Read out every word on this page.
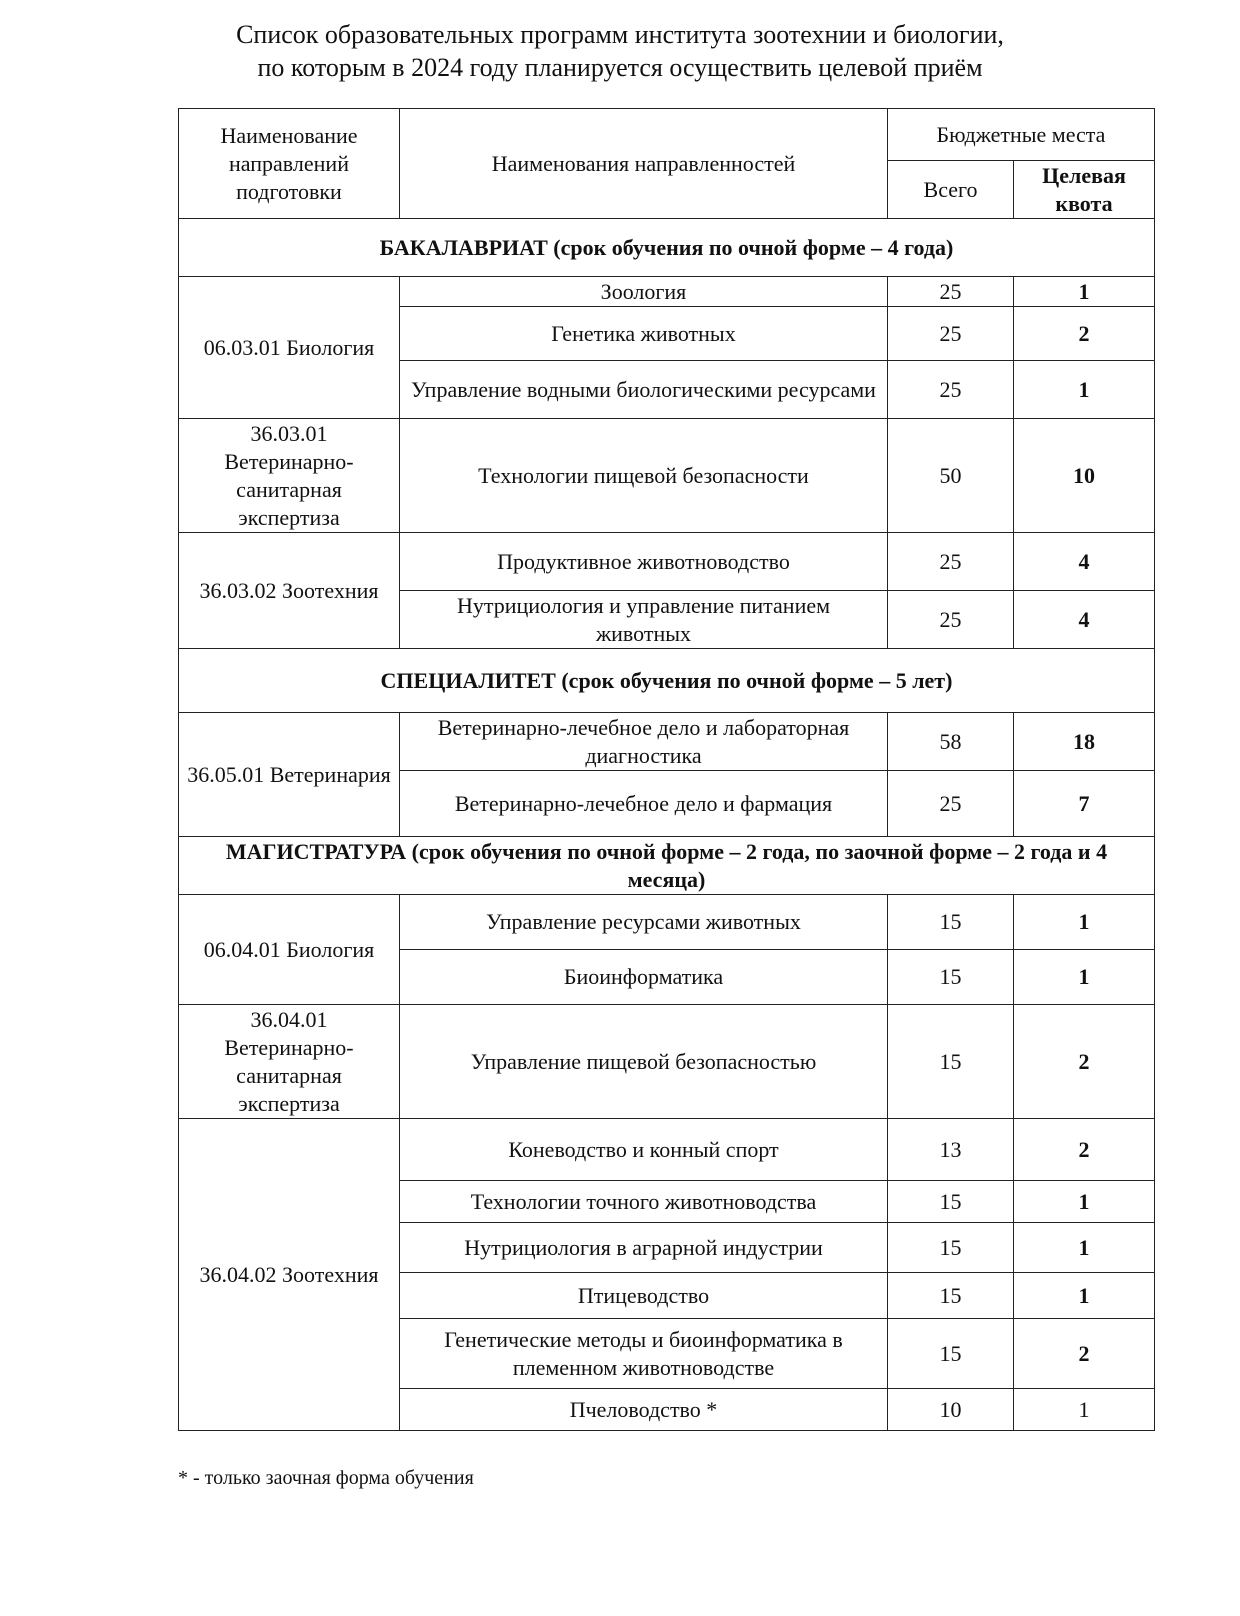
Список образовательных программ института зоотехнии и биологии,
по которым в 2024 году планируется осуществить целевой приём
Наименование направлений подготовки	Наименования направленностей	Бюджетные места	
		Всего	Целевая квота
БАКАЛАВРИАТ (срок обучения по очной форме – 4 года)			
06.03.01 Биология	Зоология	25	1
	Генетика животных	25	2
	Управление водными биологическими ресурсами	25	1
36.03.01 Ветеринарно-санитарная экспертиза	Технологии пищевой безопасности	50	10
36.03.02 Зоотехния	Продуктивное животноводство	25	4
	Нутрициология и управление питанием животных	25	4
СПЕЦИАЛИТЕТ (срок обучения по очной форме – 5 лет)			
36.05.01 Ветеринария	Ветеринарно-лечебное дело и лабораторная диагностика	58	18
	Ветеринарно-лечебное дело и фармация	25	7
МАГИСТРАТУРА (срок обучения по очной форме – 2 года, по заочной форме – 2 года и 4 месяца)			
06.04.01 Биология	Управление ресурсами животных	15	1
	Биоинформатика	15	1
36.04.01 Ветеринарно-санитарная экспертиза	Управление пищевой безопасностью	15	2
36.04.02 Зоотехния	Коневодство и конный спорт	13	2
	Технологии точного животноводства	15	1
	Нутрициология в аграрной индустрии	15	1
	Птицеводство	15	1
	Генетические методы и биоинформатика в племенном животноводстве	15	2
	Пчеловодство *	10	1
* - только заочная форма обучения
